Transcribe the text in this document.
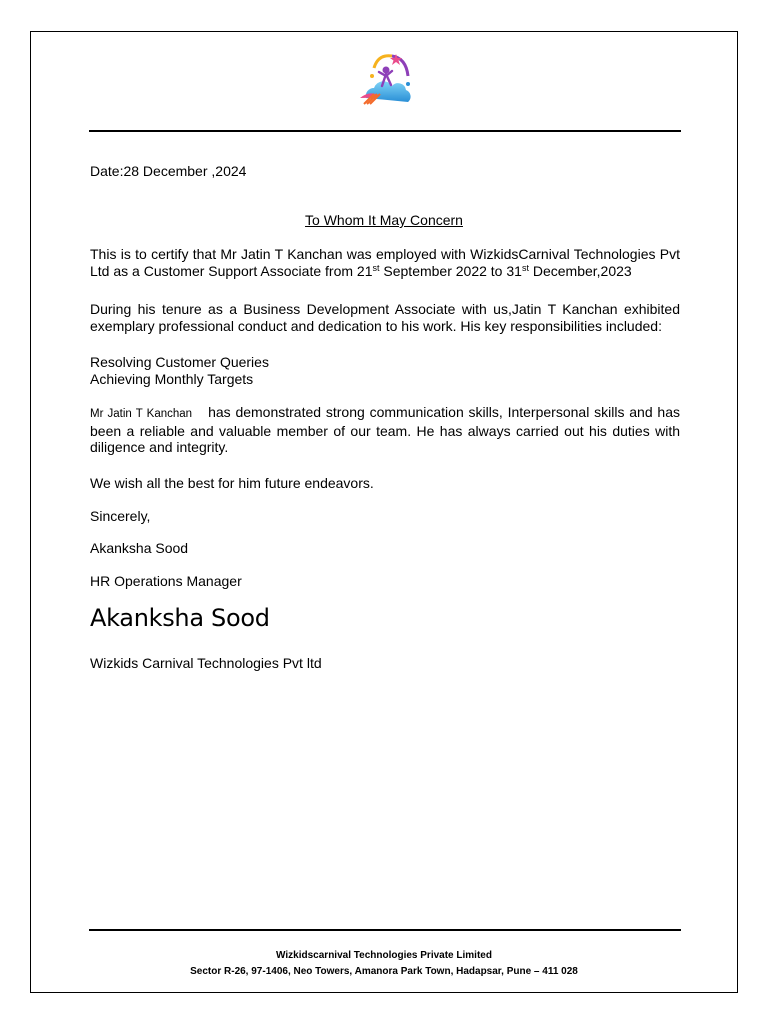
Date:28 December ,2024

To Whom It May Concern

This is to certify that Mr Jatin T Kanchan was employed with WizkidsCarnival Technologies Pvt Ltd as a Customer Support Associate from 21st September 2022 to 31st December,2023

During his tenure as a Business Development Associate with us,Jatin T Kanchan exhibited exemplary professional conduct and dedication to his work. His key responsibilities included:

Resolving Customer Queries

Achieving Monthly Targets

Mr Jatin T Kanchan has demonstrated strong communication skills, Interpersonal skills and has been a reliable and valuable member of our team. He has always carried out his duties with diligence and integrity.

We wish all the best for him future endeavors.

Sincerely,

Akanksha Sood

HR Operations Manager

Akanksha Sood

Wizkids Carnival Technologies Pvt ltd

Wizkidscarnival Technologies Private Limited
Sector R-26, 97-1406, Neo Towers, Amanora Park Town, Hadapsar, Pune – 411 028
